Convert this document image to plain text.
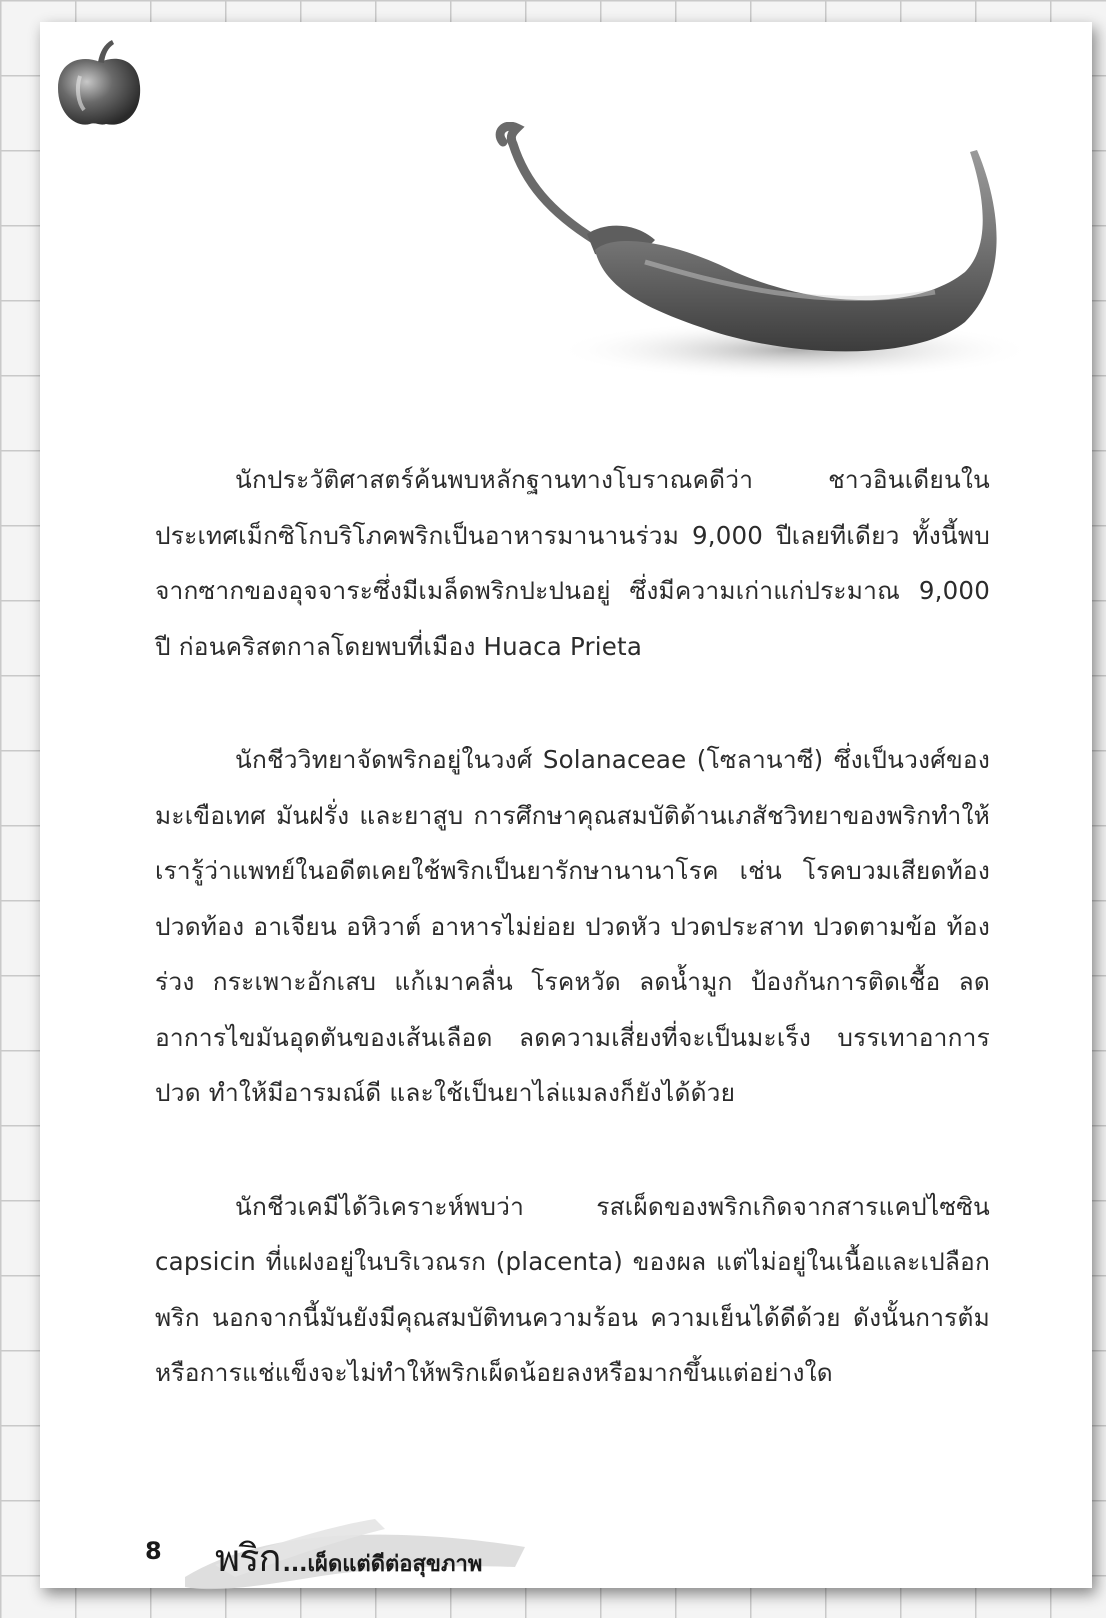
นักประวัติศาสตร์ค้นพบหลักฐานทางโบราณคดีว่า ชาวอินเดียนในประเทศเม็กซิโกบริโภคพริกเป็นอาหารมานานร่วม 9,000 ปีเลยทีเดียว ทั้งนี้พบจากซากของอุจจาระซึ่งมีเมล็ดพริกปะปนอยู่ ซึ่งมีความเก่าแก่ประมาณ 9,000 ปี ก่อนคริสตกาลโดยพบที่เมือง Huaca Prieta

นักชีววิทยาจัดพริกอยู่ในวงศ์ Solanaceae (โซลานาซี) ซึ่งเป็นวงศ์ของมะเขือเทศ มันฝรั่ง และยาสูบ การศึกษาคุณสมบัติด้านเภสัชวิทยาของพริกทำให้เรารู้ว่าแพทย์ในอดีตเคยใช้พริกเป็นยารักษานานาโรค เช่น โรคบวมเสียดท้อง ปวดท้อง อาเจียน อหิวาต์ อาหารไม่ย่อย ปวดหัว ปวดประสาท ปวดตามข้อ ท้องร่วง กระเพาะอักเสบ แก้เมาคลื่น โรคหวัด ลดน้ำมูก ป้องกันการติดเชื้อ ลดอาการไขมันอุดตันของเส้นเลือด ลดความเสี่ยงที่จะเป็นมะเร็ง บรรเทาอาการปวด ทำให้มีอารมณ์ดี และใช้เป็นยาไล่แมลงก็ยังได้ด้วย

นักชีวเคมีได้วิเคราะห์พบว่า รสเผ็ดของพริกเกิดจากสารแคปไซซิน capsicin ที่แฝงอยู่ในบริเวณรก (placenta) ของผล แต่ไม่อยู่ในเนื้อและเปลือกพริก นอกจากนี้มันยังมีคุณสมบัติทนความร้อน ความเย็นได้ดีด้วย ดังนั้นการต้มหรือการแช่แข็งจะไม่ทำให้พริกเผ็ดน้อยลงหรือมากขึ้นแต่อย่างใด

8 พริก...เผ็ดแต่ดีต่อสุขภาพ
